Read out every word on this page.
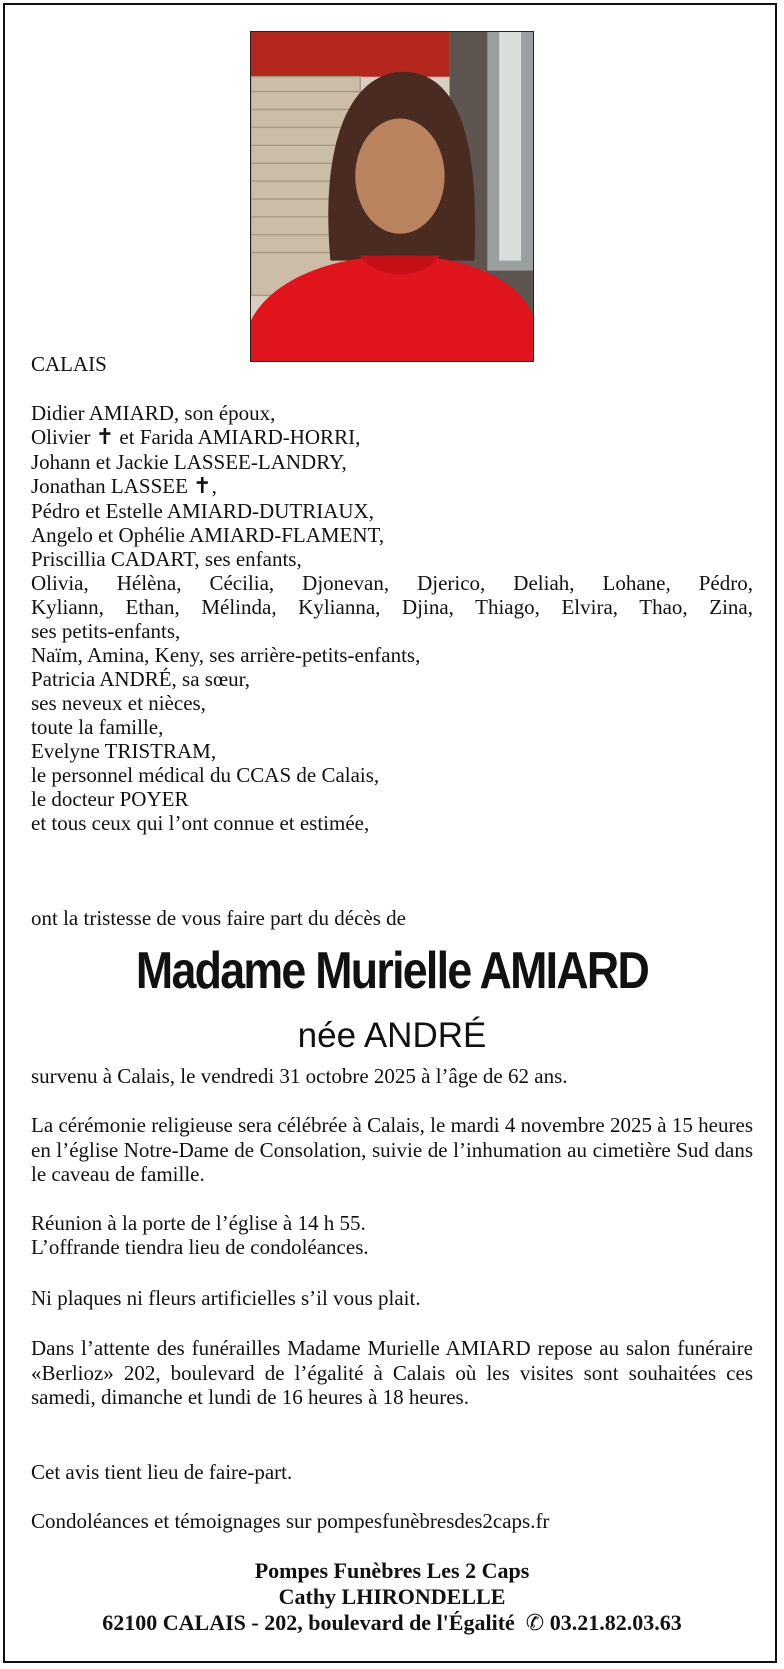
CALAIS
Didier AMIARD, son époux,
Olivier ✝ et Farida AMIARD-HORRI,
Johann et Jackie LASSEE-LANDRY,
Jonathan LASSEE ✝,
Pédro et Estelle AMIARD-DUTRIAUX,
Angelo et Ophélie AMIARD-FLAMENT,
Priscillia CADART, ses enfants,
Olivia, Hélèna, Cécilia, Djonevan, Djerico, Deliah, Lohane, Pédro,
Kyliann, Ethan, Mélinda, Kylianna, Djina, Thiago, Elvira, Thao, Zina,
ses petits-enfants,
Naïm, Amina, Keny, ses arrière-petits-enfants,
Patricia ANDRÉ, sa sœur,
ses neveux et nièces,
toute la famille,
Evelyne TRISTRAM,
le personnel médical du CCAS de Calais,
le docteur POYER
et tous ceux qui l’ont connue et estimée,
ont la tristesse de vous faire part du décès de
Madame Murielle AMIARD
née ANDRÉ
survenu à Calais, le vendredi 31 octobre 2025 à l’âge de 62 ans.

La cérémonie religieuse sera célébrée à Calais, le mardi 4 novembre 2025 à 15 heures en l’église Notre-Dame de Consolation, suivie de l’inhumation au cimetière Sud dans le caveau de famille.

Réunion à la porte de l’église à 14 h 55.
L’offrande tiendra lieu de condoléances.
Ni plaques ni fleurs artificielles s’il vous plait.

Dans l’attente des funérailles Madame Murielle AMIARD repose au salon funéraire «Berlioz» 202, boulevard de l’égalité à Calais où les visites sont souhaitées ces samedi, dimanche et lundi de 16 heures à 18 heures.

Cet avis tient lieu de faire-part.
Condoléances et témoignages sur pompesfunèbresdes2caps.fr
Pompes Funèbres Les 2 Caps
Cathy LHIRONDELLE
62100 CALAIS - 202, boulevard de l'Égalité ✆ 03.21.82.03.63
